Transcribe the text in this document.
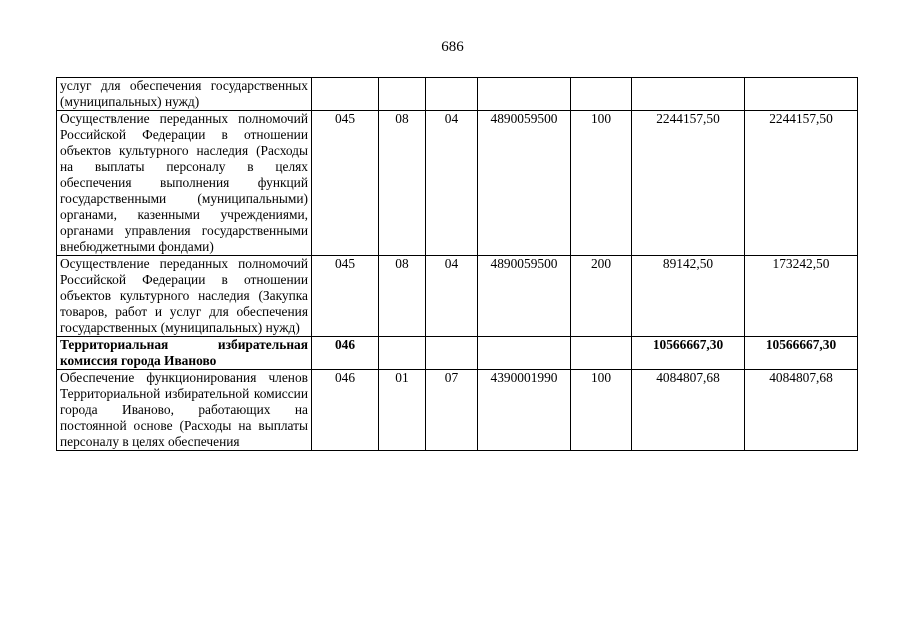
686
услуг для обеспечения государственных (муниципальных) нужд)							
Осуществление переданных полномочий Российской Федерации в отношении объектов культурного наследия (Расходы на выплаты персоналу в целях обеспечения выполнения функций государственными (муниципальными) органами, казенными учреждениями, органами управления государственными внебюджетными фондами)	045	08	04	4890059500	100	2244157,50	2244157,50
Осуществление переданных полномочий Российской Федерации в отношении объектов культурного наследия (Закупка товаров, работ и услуг для обеспечения государственных (муниципальных) нужд)	045	08	04	4890059500	200	89142,50	173242,50
Территориальная избирательная комиссия города Иваново	046					10566667,30	10566667,30
Обеспечение функционирования членов Территориальной избирательной комиссии города Иваново, работающих на постоянной основе (Расходы на выплаты персоналу в целях обеспечения	046	01	07	4390001990	100	4084807,68	4084807,68
